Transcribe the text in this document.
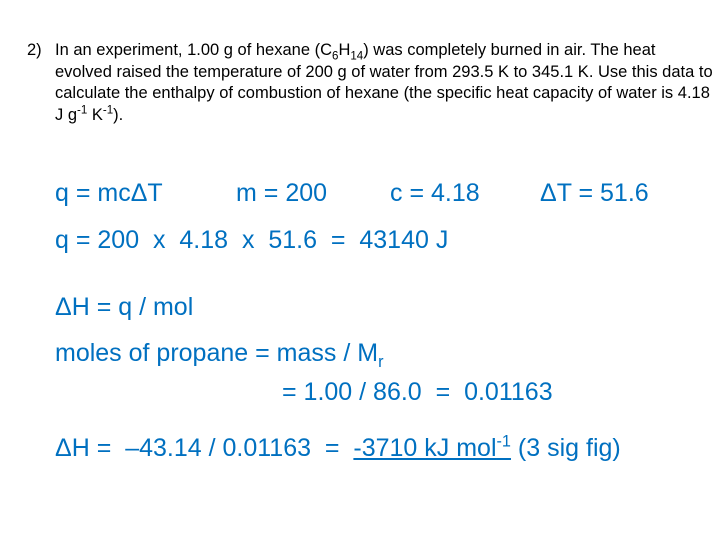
2) In an experiment, 1.00 g of hexane $(C_6H_{14})$ was completely burned in air. The heat evolved raised the temperature of 200 g of water from 293.5 K to 345.1 K. Use this data to calculate the enthalpy of combustion of hexane (the specific heat capacity of water is 4.18 J $g^{-1}$ $K^{-1}$).
q = mcΔT	m = 200	c = 4.18 ΔT = 51.6
q = 200  x  4.18  x  51.6  =  43140 J
ΔH = q / mol
moles of propane = mass / $M_r$
= 1.00 / 86.0  =  0.01163
ΔH =  –43.14 / 0.01163  =  -3710 kJ mol$^{-1}$ (3 sig fig)
